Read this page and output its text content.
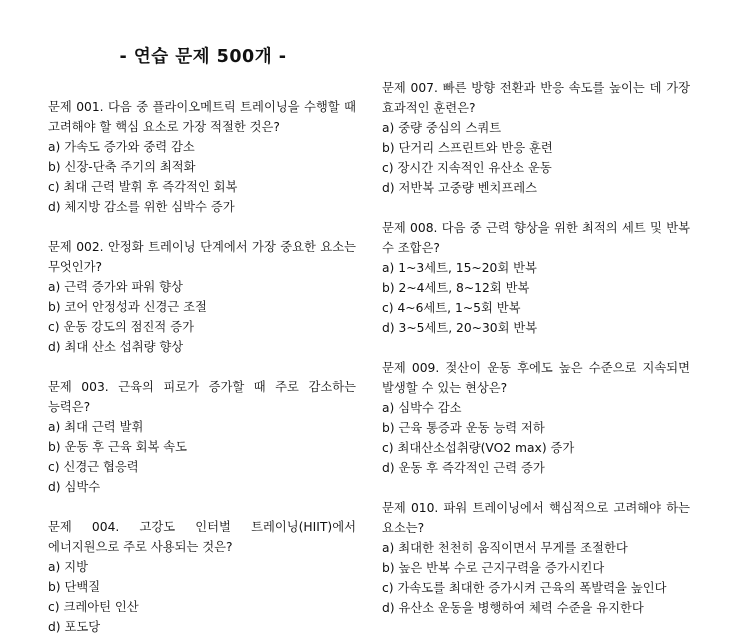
- 연습 문제 500개 -

문제 001. 다음 중 플라이오메트릭 트레이닝을 수행할 때 고려해야 할 핵심 요소로 가장 적절한 것은?

a) 가속도 증가와 중력 감소

b) 신장-단축 주기의 최적화

c) 최대 근력 발휘 후 즉각적인 회복

d) 체지방 감소를 위한 심박수 증가

문제 002. 안정화 트레이닝 단계에서 가장 중요한 요소는 무엇인가?

a) 근력 증가와 파워 향상

b) 코어 안정성과 신경근 조절

c) 운동 강도의 점진적 증가

d) 최대 산소 섭취량 향상

문제 003. 근육의 피로가 증가할 때 주로 감소하는 능력은?

a) 최대 근력 발휘

b) 운동 후 근육 회복 속도

c) 신경근 협응력

d) 심박수

문제 004. 고강도 인터벌 트레이닝(HIIT)에서 에너지원으로 주로 사용되는 것은?

a) 지방

b) 단백질

c) 크레아틴 인산

d) 포도당

문제 007. 빠른 방향 전환과 반응 속도를 높이는 데 가장 효과적인 훈련은?

a) 중량 중심의 스쿼트

b) 단거리 스프린트와 반응 훈련

c) 장시간 지속적인 유산소 운동

d) 저반복 고중량 벤치프레스

문제 008. 다음 중 근력 향상을 위한 최적의 세트 및 반복 수 조합은?

a) 1~3세트, 15~20회 반복

b) 2~4세트, 8~12회 반복

c) 4~6세트, 1~5회 반복

d) 3~5세트, 20~30회 반복

문제 009. 젖산이 운동 후에도 높은 수준으로 지속되면 발생할 수 있는 현상은?

a) 심박수 감소

b) 근육 통증과 운동 능력 저하

c) 최대산소섭취량(VO2 max) 증가

d) 운동 후 즉각적인 근력 증가

문제 010. 파워 트레이닝에서 핵심적으로 고려해야 하는 요소는?

a) 최대한 천천히 움직이면서 무게를 조절한다

b) 높은 반복 수로 근지구력을 증가시킨다

c) 가속도를 최대한 증가시켜 근육의 폭발력을 높인다

d) 유산소 운동을 병행하여 체력 수준을 유지한다
